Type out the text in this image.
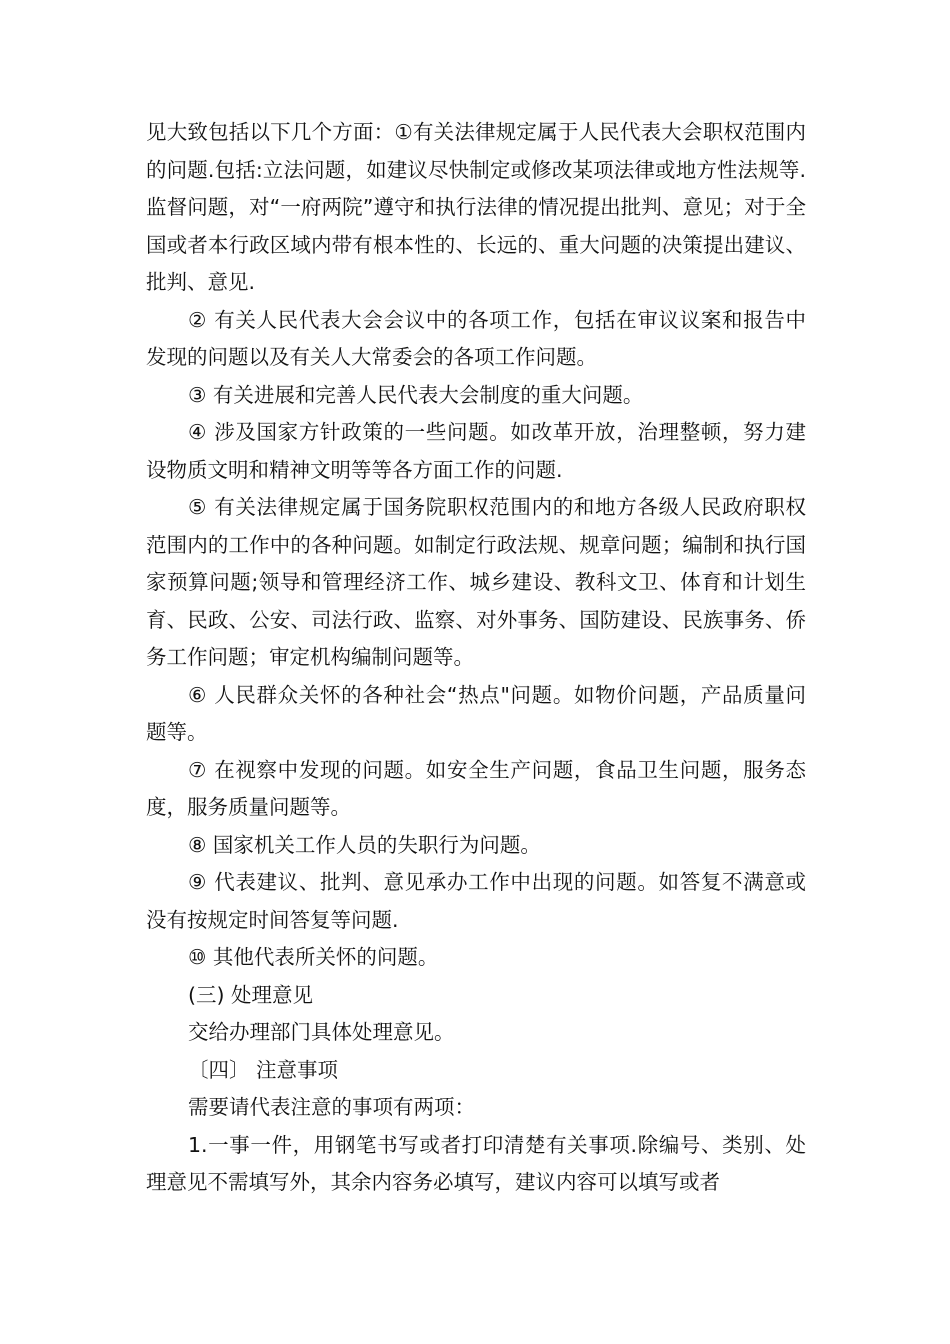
见大致包括以下几个方面：①有关法律规定属于人民代表大会职权范围内的问题.包括:立法问题，如建议尽快制定或修改某项法律或地方性法规等.监督问题，对“一府两院”遵守和执行法律的情况提出批判、意见；对于全国或者本行政区域内带有根本性的、长远的、重大问题的决策提出建议、批判、意见.

② 有关人民代表大会会议中的各项工作，包括在审议议案和报告中发现的问题以及有关人大常委会的各项工作问题。

③ 有关进展和完善人民代表大会制度的重大问题。

④ 涉及国家方针政策的一些问题。如改革开放，治理整顿，努力建设物质文明和精神文明等等各方面工作的问题.

⑤ 有关法律规定属于国务院职权范围内的和地方各级人民政府职权范围内的工作中的各种问题。如制定行政法规、规章问题；编制和执行国家预算问题;领导和管理经济工作、城乡建设、教科文卫、体育和计划生育、民政、公安、司法行政、监察、对外事务、国防建设、民族事务、侨务工作问题；审定机构编制问题等。

⑥ 人民群众关怀的各种社会“热点"问题。如物价问题，产品质量问题等。

⑦ 在视察中发现的问题。如安全生产问题，食品卫生问题，服务态度，服务质量问题等。

⑧ 国家机关工作人员的失职行为问题。

⑨ 代表建议、批判、意见承办工作中出现的问题。如答复不满意或没有按规定时间答复等问题.

⑩ 其他代表所关怀的问题。

(三) 处理意见

交给办理部门具体处理意见。

〔四〕 注意事项

需要请代表注意的事项有两项：

1.一事一件，用钢笔书写或者打印清楚有关事项.除编号、类别、处理意见不需填写外，其余内容务必填写，建议内容可以填写或者
